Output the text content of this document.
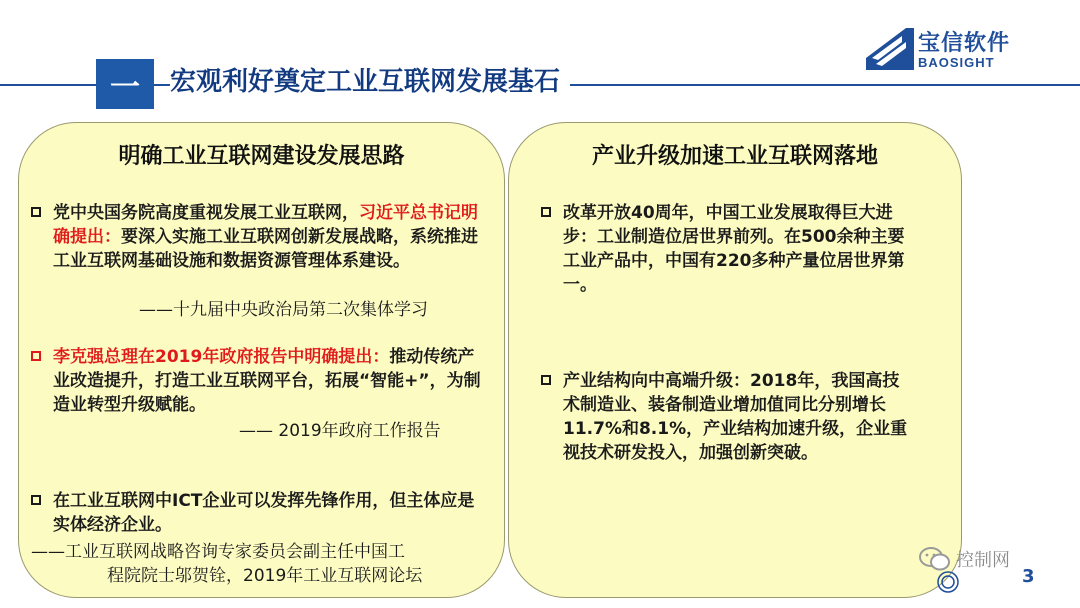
一 宏观利好奠定工业互联网发展基石
宝信软件
BAOSIGHT
明确工业互联网建设发展思路
党中央国务院高度重视发展工业互联网，习近平总书记明确提出：要深入实施工业互联网创新发展战略，系统推进工业互联网基础设施和数据资源管理体系建设。
——十九届中央政治局第二次集体学习
李克强总理在2019年政府报告中明确提出：推动传统产业改造提升，打造工业互联网平台，拓展“智能+”，为制造业转型升级赋能。
—— 2019年政府工作报告
在工业互联网中ICT企业可以发挥先锋作用，但主体应是实体经济企业。
——工业互联网战略咨询专家委员会副主任中国工
程院院士邬贺铨，2019年工业互联网论坛
产业升级加速工业互联网落地
改革开放40周年，中国工业发展取得巨大进步：工业制造位居世界前列。在500余种主要工业产品中，中国有220多种产量位居世界第一。
产业结构向中高端升级：2018年，我国高技术制造业、装备制造业增加值同比分别增长11.7%和8.1%，产业结构加速升级，企业重视技术研发投入，加强创新突破。
控制网
3
